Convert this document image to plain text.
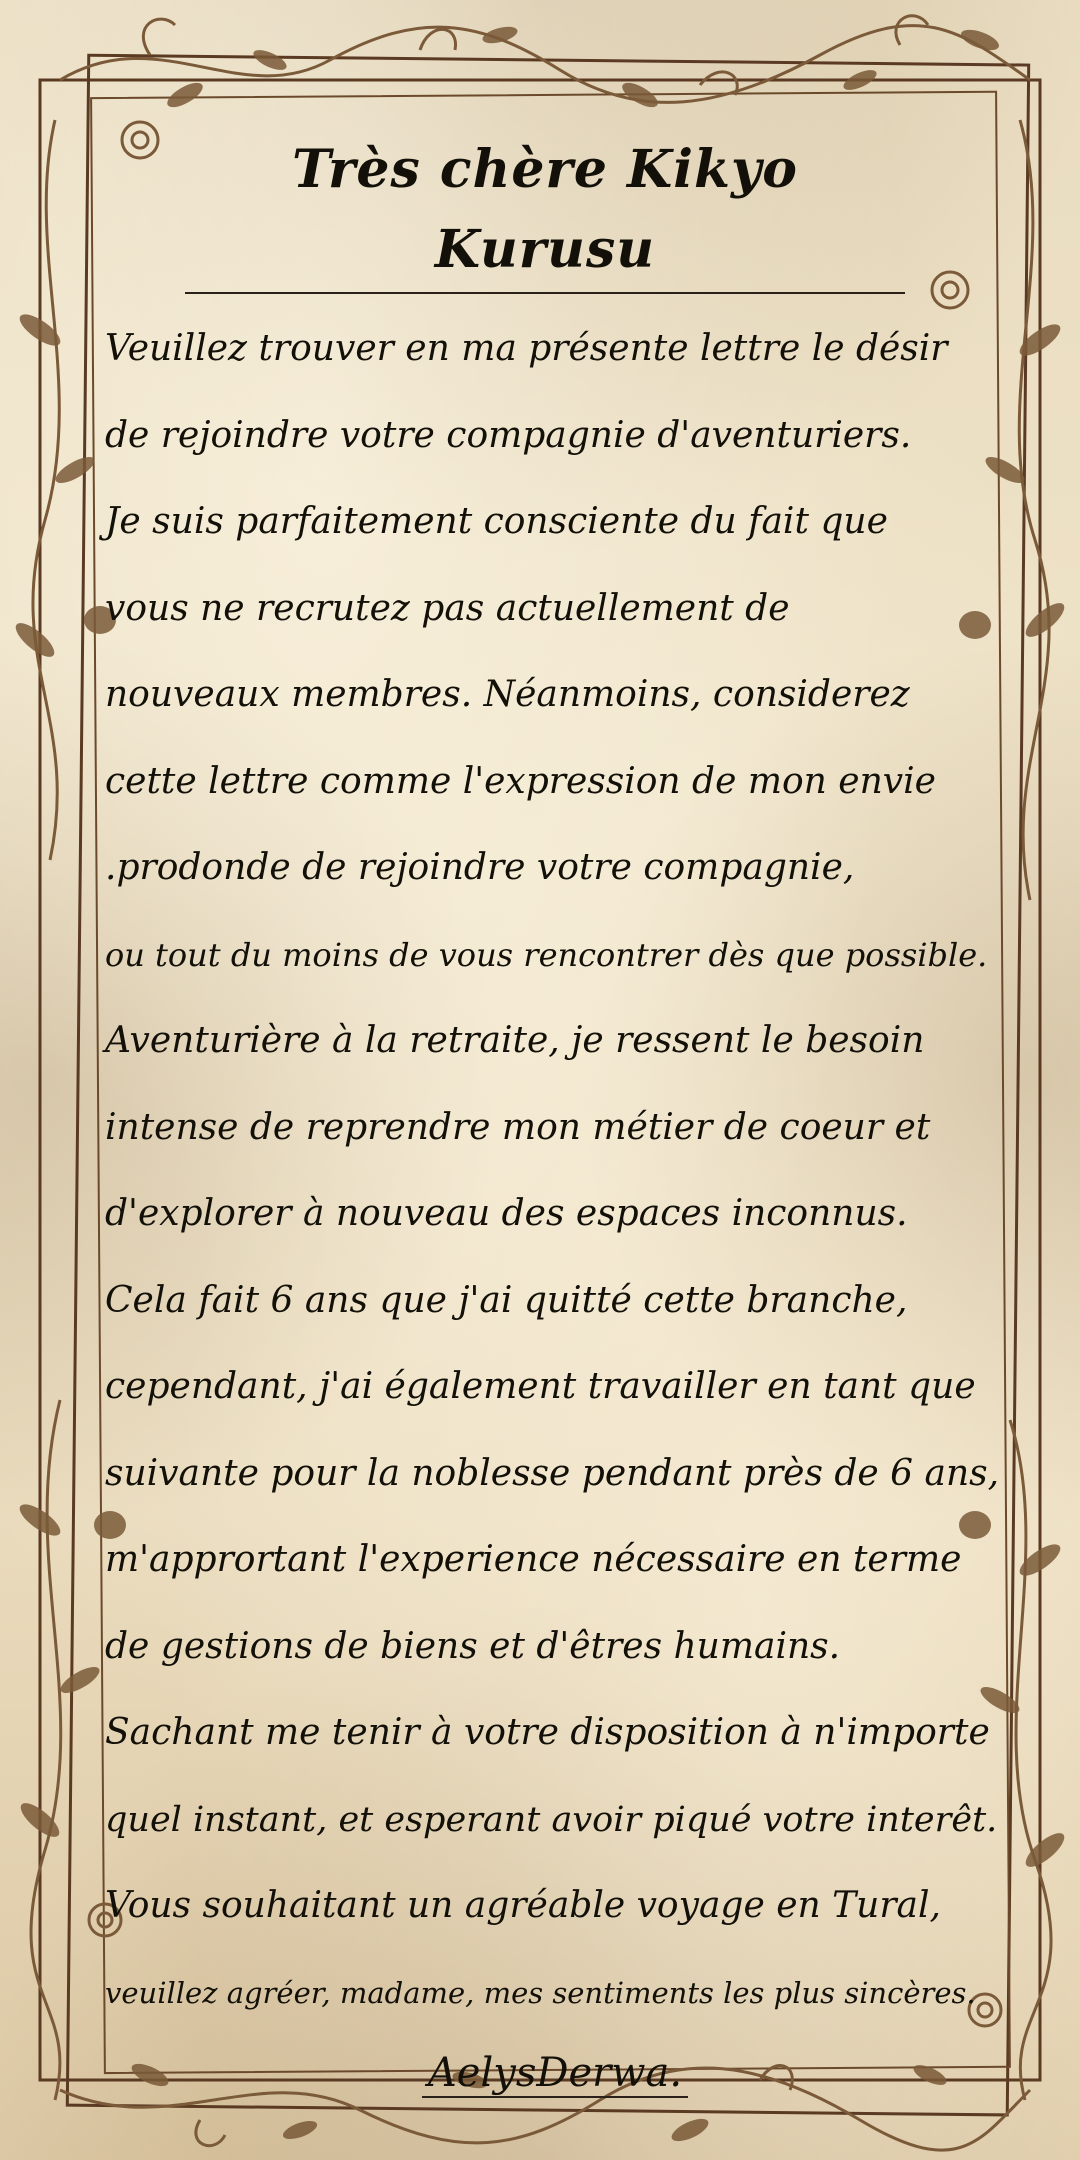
Très chère Kikyo Kurusu
Veuillez trouver en ma présente lettre le désir
de rejoindre votre compagnie d'aventuriers.
Je suis parfaitement consciente du fait que
vous ne recrutez pas actuellement de
nouveaux membres. Néanmoins, considerez
cette lettre comme l'expression de mon envie
.prodonde de rejoindre votre compagnie,
ou tout du moins de vous rencontrer dès que possible.
Aventurière à la retraite, je ressent le besoin
intense de reprendre mon métier de coeur et
d'explorer à nouveau des espaces inconnus.
Cela fait 6 ans que j'ai quitté cette branche,
cependant, j'ai également travailler en tant que
suivante pour la noblesse pendant près de 6 ans,
m'apprortant l'experience nécessaire en terme
de gestions de biens et d'êtres humains.
Sachant me tenir à votre disposition à n'importe
quel instant, et esperant avoir piqué votre interêt.
Vous souhaitant un agréable voyage en Tural,
veuillez agréer, madame, mes sentiments les plus sincères.
AelysDerwa.
